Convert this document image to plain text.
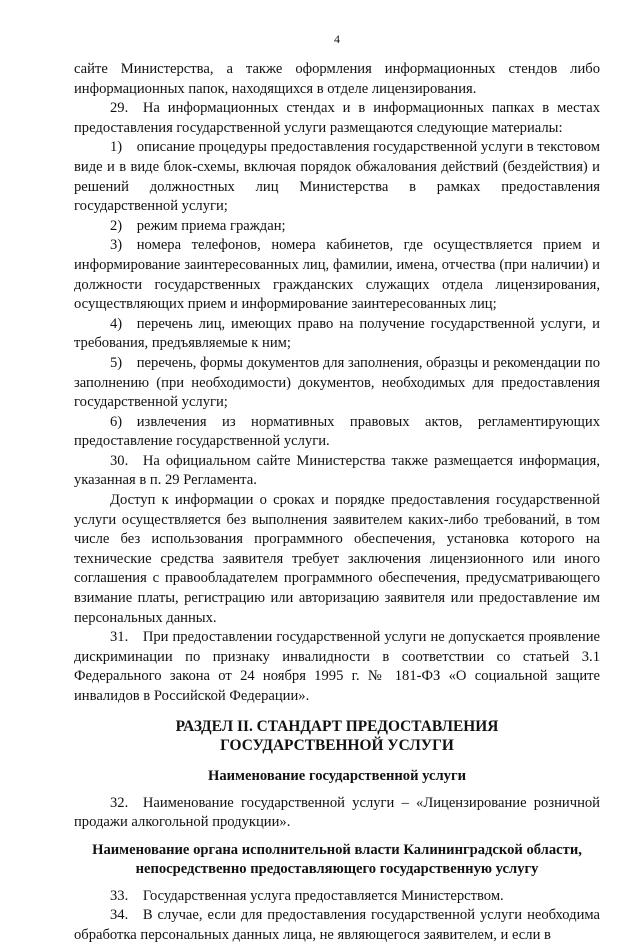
4

сайте Министерства, а также оформления информационных стендов либо информационных папок, находящихся в отделе лицензирования.

29. На информационных стендах и в информационных папках в местах предоставления государственной услуги размещаются следующие материалы:

1) описание процедуры предоставления государственной услуги в текстовом виде и в виде блок-схемы, включая порядок обжалования действий (бездействия) и решений должностных лиц Министерства в рамках предоставления государственной услуги;

2) режим приема граждан;

3) номера телефонов, номера кабинетов, где осуществляется прием и информирование заинтересованных лиц, фамилии, имена, отчества (при наличии) и должности государственных гражданских служащих отдела лицензирования, осуществляющих прием и информирование заинтересованных лиц;

4) перечень лиц, имеющих право на получение государственной услуги, и требования, предъявляемые к ним;

5) перечень, формы документов для заполнения, образцы и рекомендации по заполнению (при необходимости) документов, необходимых для предоставления государственной услуги;

6) извлечения из нормативных правовых актов, регламентирующих предоставление государственной услуги.

30. На официальном сайте Министерства также размещается информация, указанная в п. 29 Регламента.

Доступ к информации о сроках и порядке предоставления государственной услуги осуществляется без выполнения заявителем каких-либо требований, в том числе без использования программного обеспечения, установка которого на технические средства заявителя требует заключения лицензионного или иного соглашения с правообладателем программного обеспечения, предусматривающего взимание платы, регистрацию или авторизацию заявителя или предоставление им персональных данных.

31. При предоставлении государственной услуги не допускается проявление дискриминации по признаку инвалидности в соответствии со статьей 3.1 Федерального закона от 24 ноября 1995 г. № 181-ФЗ «О социальной защите инвалидов в Российской Федерации».

РАЗДЕЛ II. СТАНДАРТ ПРЕДОСТАВЛЕНИЯ
ГОСУДАРСТВЕННОЙ УСЛУГИ
Наименование государственной услуги

32. Наименование государственной услуги – «Лицензирование розничной продажи алкогольной продукции».

Наименование органа исполнительной власти Калининградской области,
непосредственно предоставляющего государственную услугу

33. Государственная услуга предоставляется Министерством.

34. В случае, если для предоставления государственной услуги необходима обработка персональных данных лица, не являющегося заявителем, и если в
